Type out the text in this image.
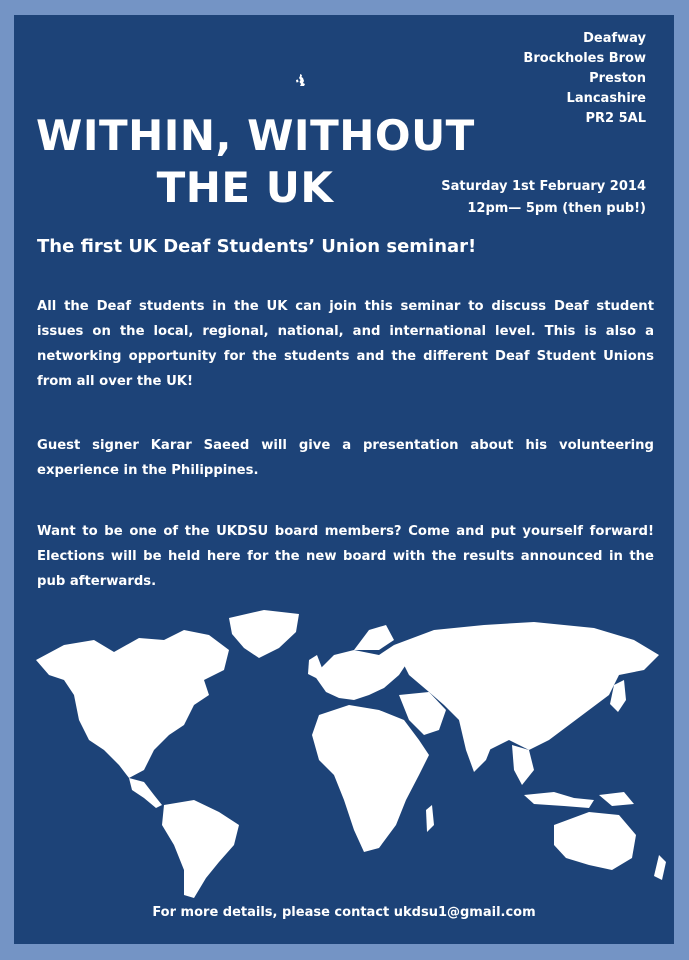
Deafway
Brockholes Brow
Preston
Lancashire
PR2 5AL
WITHIN, WITHOUT
THE UK	Saturday 1st February 2014
12pm— 5pm (then pub!)
The first UK Deaf Students’ Union seminar!
All the Deaf students in the UK can join this seminar to discuss Deaf student issues on the local, regional, national, and international level. This is also a networking opportunity for the students and the different Deaf Student Unions from all over the UK!
Guest signer Karar Saeed will give a presentation about his volunteering experience in the Philippines.
Want to be one of the UKDSU board members? Come and put yourself forward! Elections will be held here for the new board with the results announced in the pub afterwards.
For more details, please contact ukdsu1@gmail.com
